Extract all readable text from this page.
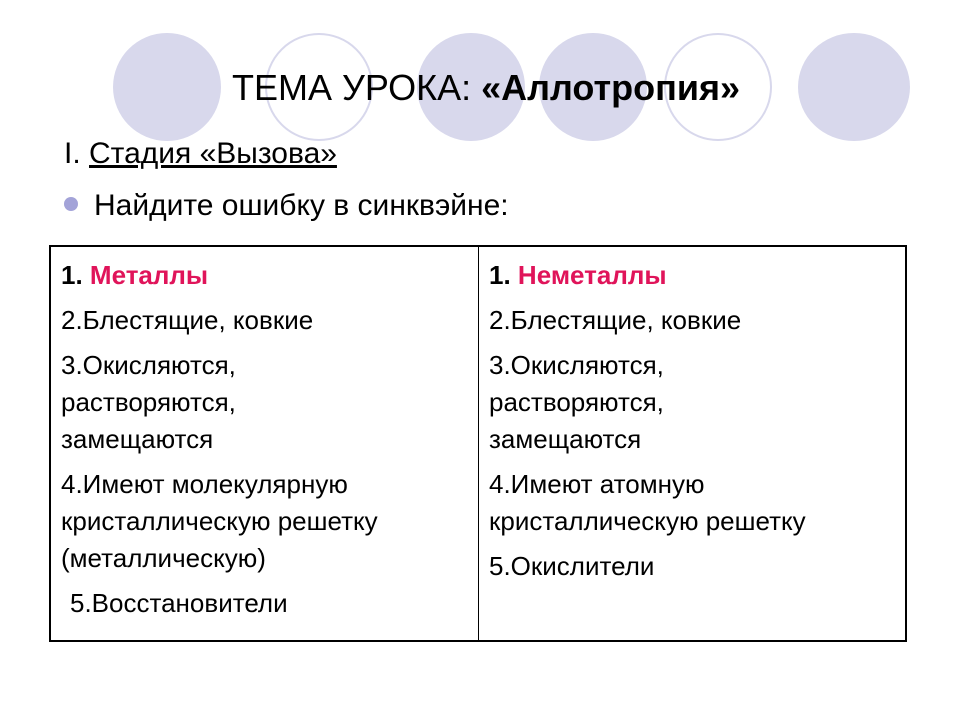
ТЕМА УРОКА: «Аллотропия»
I. Стадия «Вызова»
Найдите ошибку в синквэйне:
1. Металлы
2.Блестящие, ковкие
3.Окисляются,
растворяются,
замещаются
4.Имеют молекулярную
кристаллическую решетку
(металлическую)
5.Восстановители
1. Неметаллы
2.Блестящие, ковкие
3.Окисляются,
растворяются,
замещаются
4.Имеют атомную
кристаллическую решетку
5.Окислители
